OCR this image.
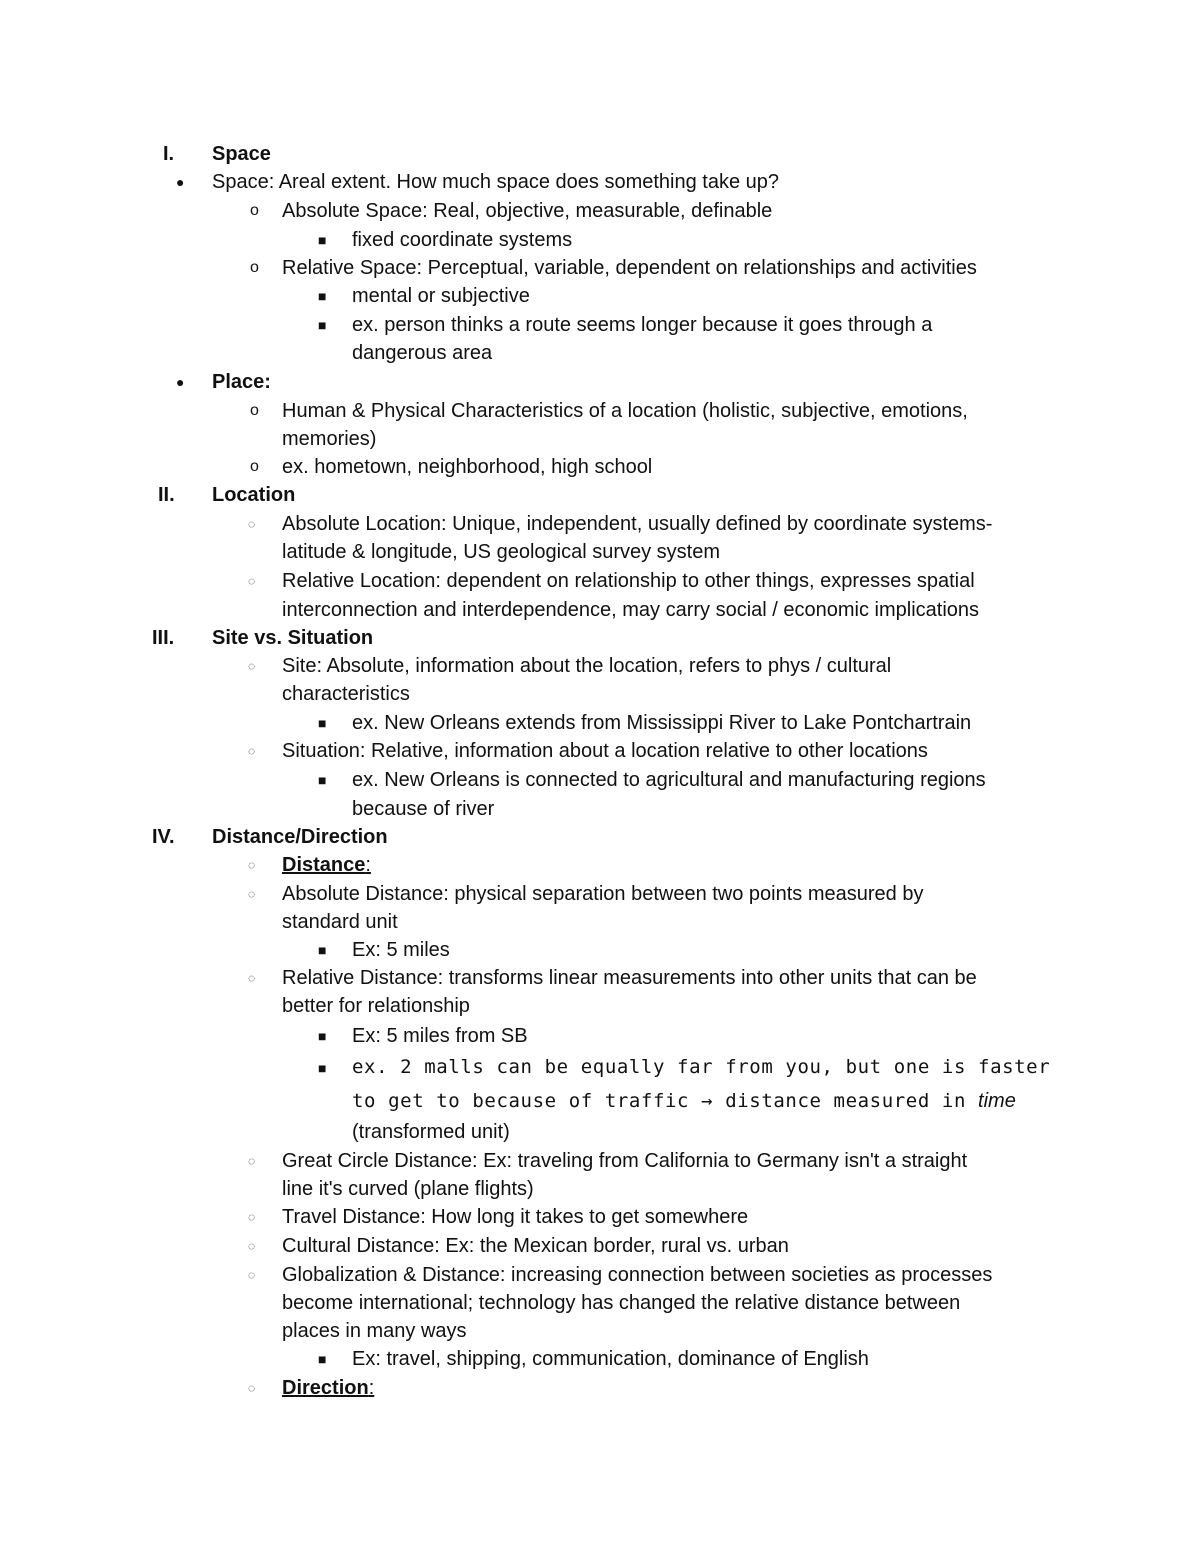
I. Space
● Space: Areal extent. How much space does something take up?
o Absolute Space: Real, objective, measurable, definable
■ fixed coordinate systems
o Relative Space: Perceptual, variable, dependent on relationships and activities
■ mental or subjective
■ ex. person thinks a route seems longer because it goes through a
dangerous area
● Place:
o Human & Physical Characteristics of a location (holistic, subjective, emotions,
memories)
o ex. hometown, neighborhood, high school
II. Location
◌ Absolute Location: Unique, independent, usually defined by coordinate systems-
latitude & longitude, US geological survey system
◌ Relative Location: dependent on relationship to other things, expresses spatial
interconnection and interdependence, may carry social / economic implications
III. Site vs. Situation
◌ Site: Absolute, information about the location, refers to phys / cultural
characteristics
■ ex. New Orleans extends from Mississippi River to Lake Pontchartrain
◌ Situation: Relative, information about a location relative to other locations
■ ex. New Orleans is connected to agricultural and manufacturing regions
because of river
IV. Distance/Direction
◌ Distance:
◌ Absolute Distance: physical separation between two points measured by
standard unit
■ Ex: 5 miles
◌ Relative Distance: transforms linear measurements into other units that can be
better for relationship
■ Ex: 5 miles from SB
■ ex. 2 malls can be equally far from you, but one is faster
to get to because of traffic → distance measured in time
(transformed unit)
◌ Great Circle Distance: Ex: traveling from California to Germany isn't a straight
line it's curved (plane flights)
◌ Travel Distance: How long it takes to get somewhere
◌ Cultural Distance: Ex: the Mexican border, rural vs. urban
◌ Globalization & Distance: increasing connection between societies as processes
become international; technology has changed the relative distance between
places in many ways
■ Ex: travel, shipping, communication, dominance of English
◌ Direction:
